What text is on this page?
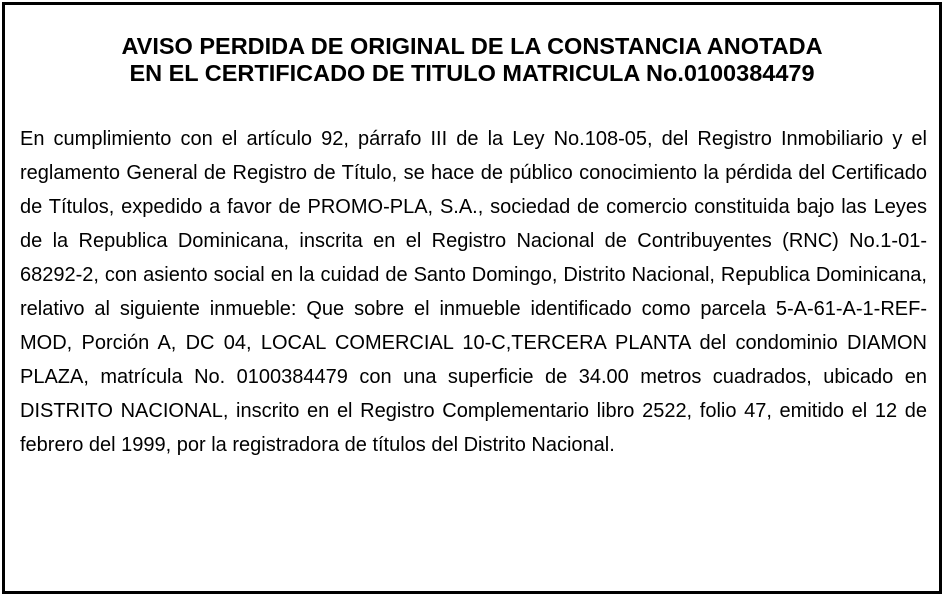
AVISO PERDIDA DE ORIGINAL DE LA CONSTANCIA ANOTADA
EN EL CERTIFICADO DE TITULO MATRICULA No.0100384479

En cumplimiento con el artículo 92, párrafo III de la Ley No.108-05, del Registro Inmobiliario y el reglamento General de Registro de Título, se hace de público conocimiento la pérdida del Certificado de Títulos, expedido a favor de PROMO-PLA, S.A., sociedad de comercio constituida bajo las Leyes de la Republica Dominicana, inscrita en el Registro Nacional de Contribuyentes (RNC) No.1-01-68292-2, con asiento social en la cuidad de Santo Domingo, Distrito Nacional, Republica Dominicana, relativo al siguiente inmueble: Que sobre el inmueble identificado como parcela 5-A-61-A-1-REF-MOD, Porción A, DC 04, LOCAL COMERCIAL 10-C,TERCERA PLANTA del condominio DIAMON PLAZA, matrícula No. 0100384479 con una superficie de 34.00 metros cuadrados, ubicado en DISTRITO NACIONAL, inscrito en el Registro Complementario libro 2522, folio 47, emitido el 12 de febrero del 1999, por la registradora de títulos del Distrito Nacional.
